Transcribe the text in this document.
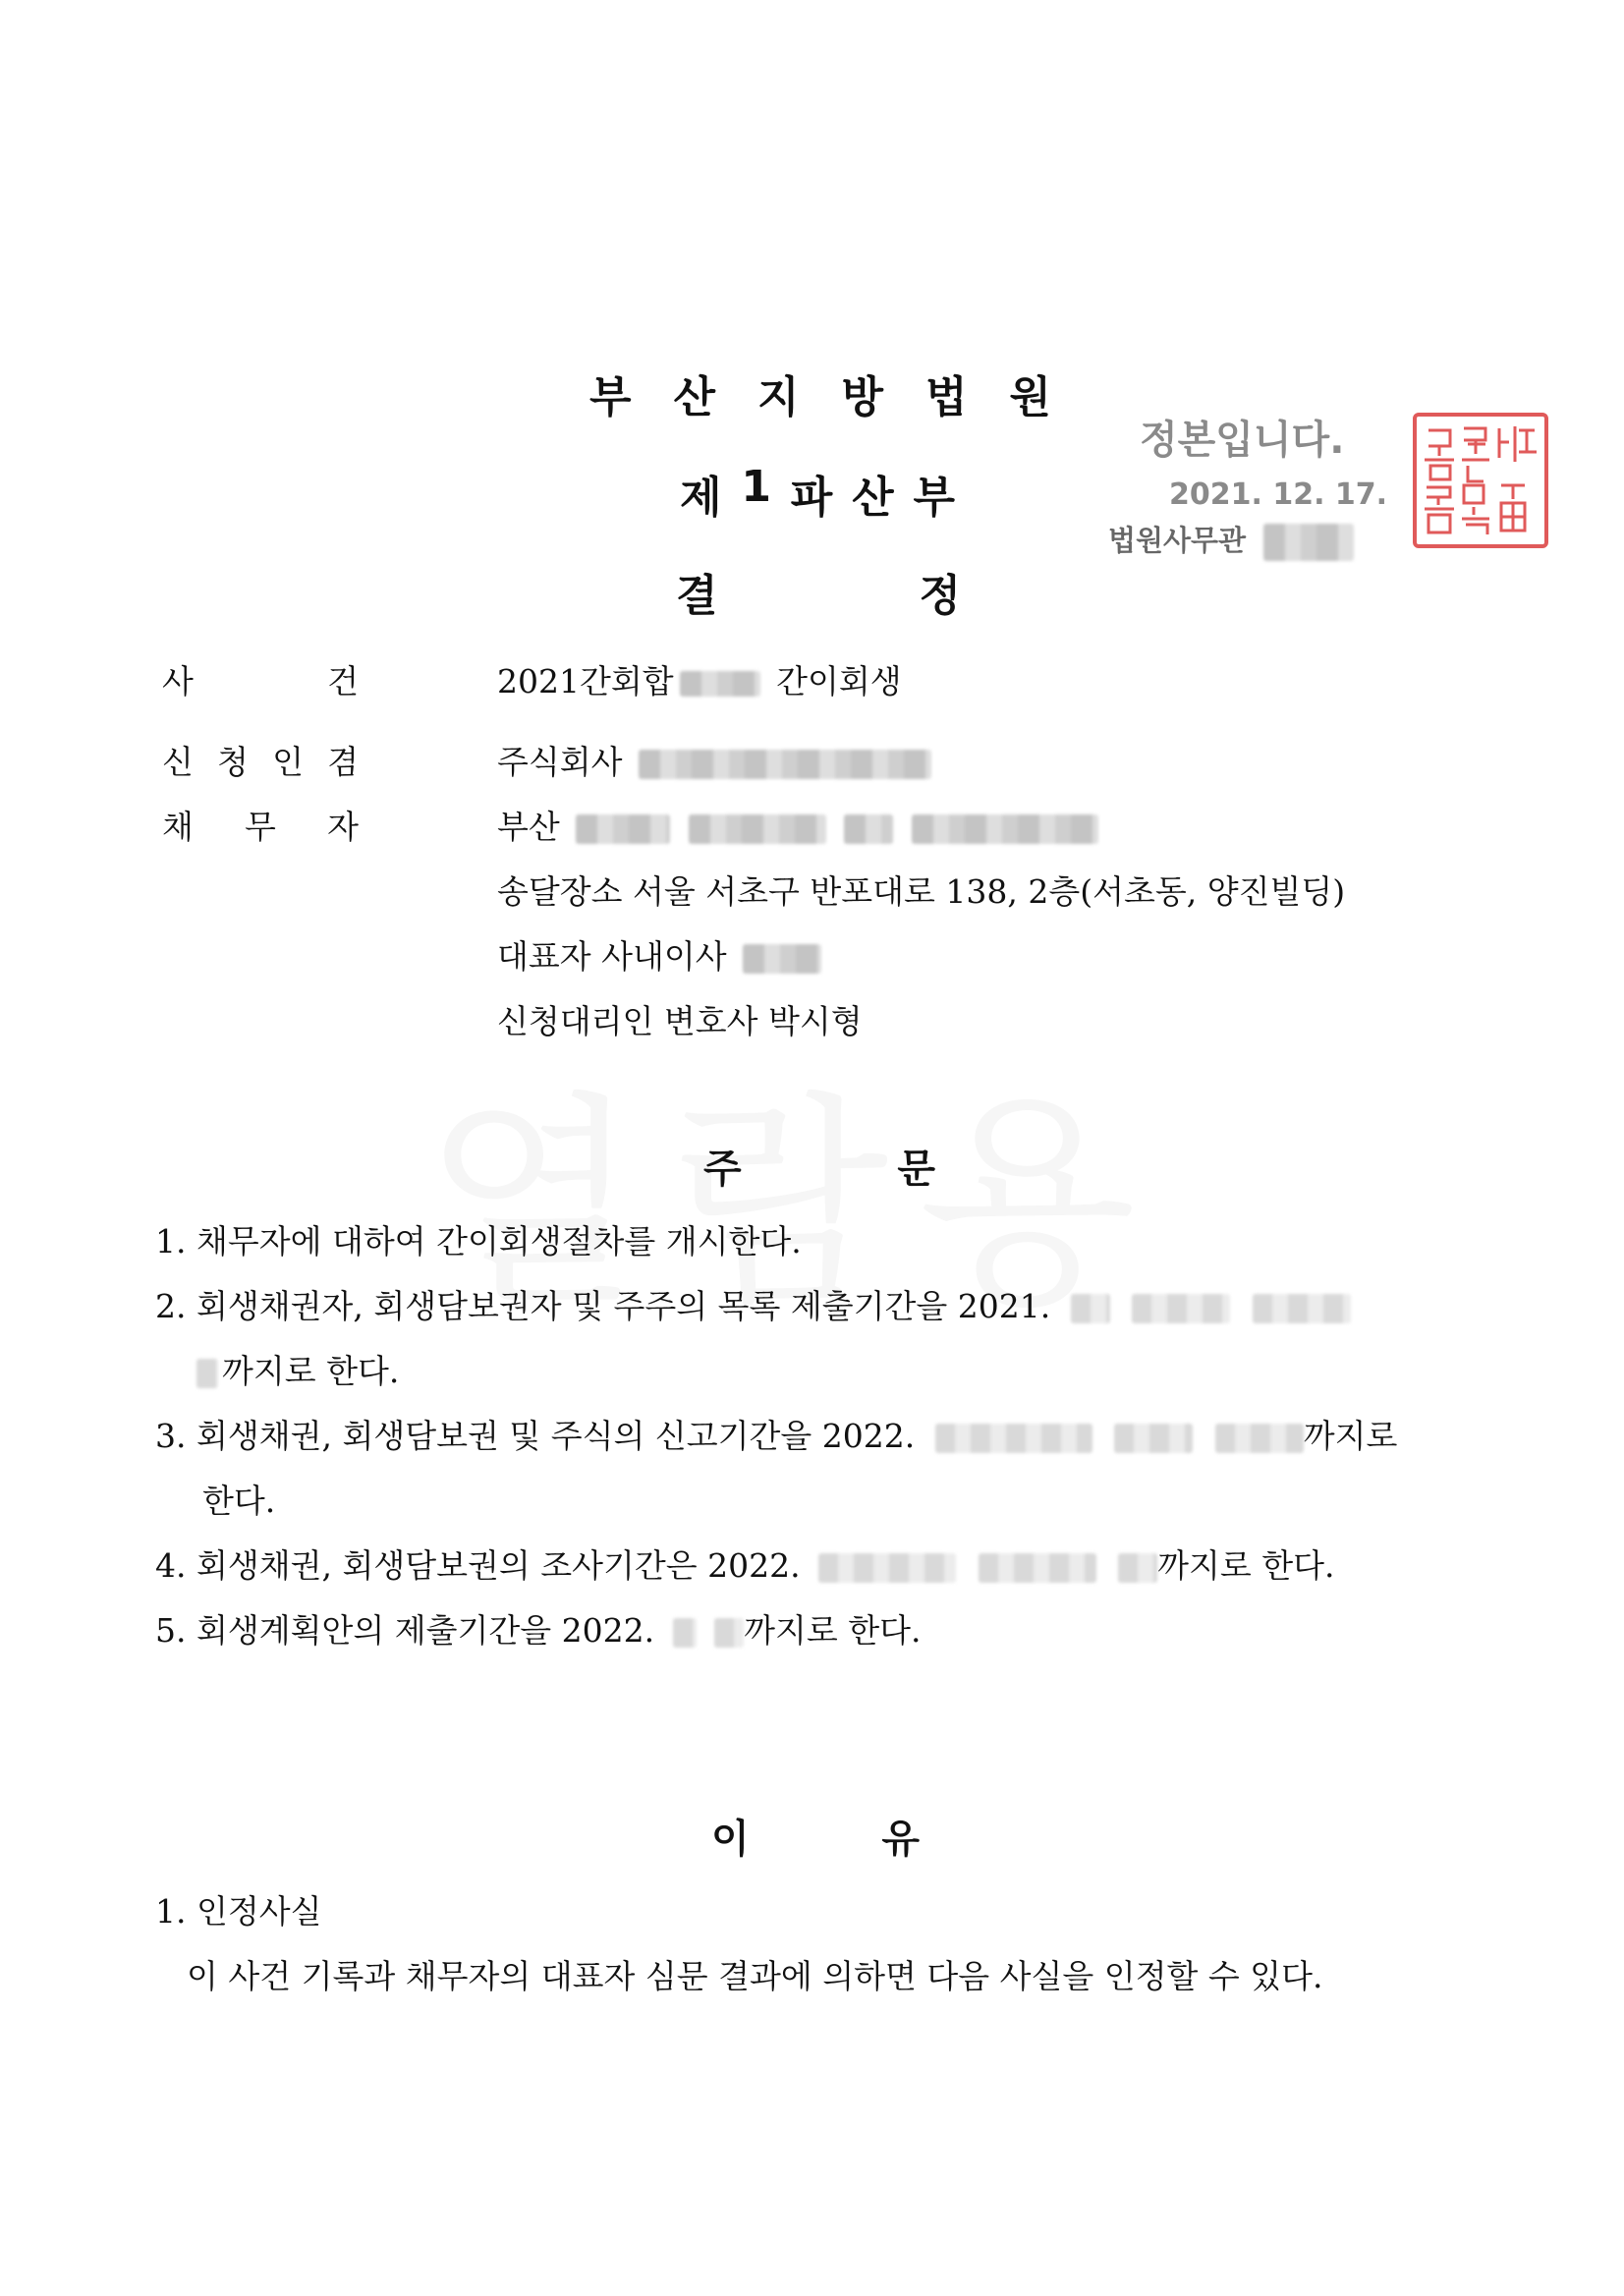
부 산 지 방 법 원
제 1 파 산 부
결	정
정본입니다.
2021. 12. 17.
법원사무관
사	건	2021간회합	간이회생
신 청 인 겸	주식회사
채 무 자	부산
송달장소 서울 서초구 반포대로 138, 2층(서초동, 양진빌딩)
대표자 사내이사
신청대리인 변호사 박시형
주	문
1. 채무자에 대하여 간이회생절차를 개시한다.
2. 회생채권자, 회생담보권자 및 주주의 목록 제출기간을 2021.
까지로 한다.
3. 회생채권, 회생담보권 및 주식의 신고기간을 2022.	까지로
한다.
4. 회생채권, 회생담보권의 조사기간은 2022.	까지로 한다.
5. 회생계획안의 제출기간을 2022.	까지로 한다.
이	유
1. 인정사실
이 사건 기록과 채무자의 대표자 심문 결과에 의하면 다음 사실을 인정할 수 있다.
